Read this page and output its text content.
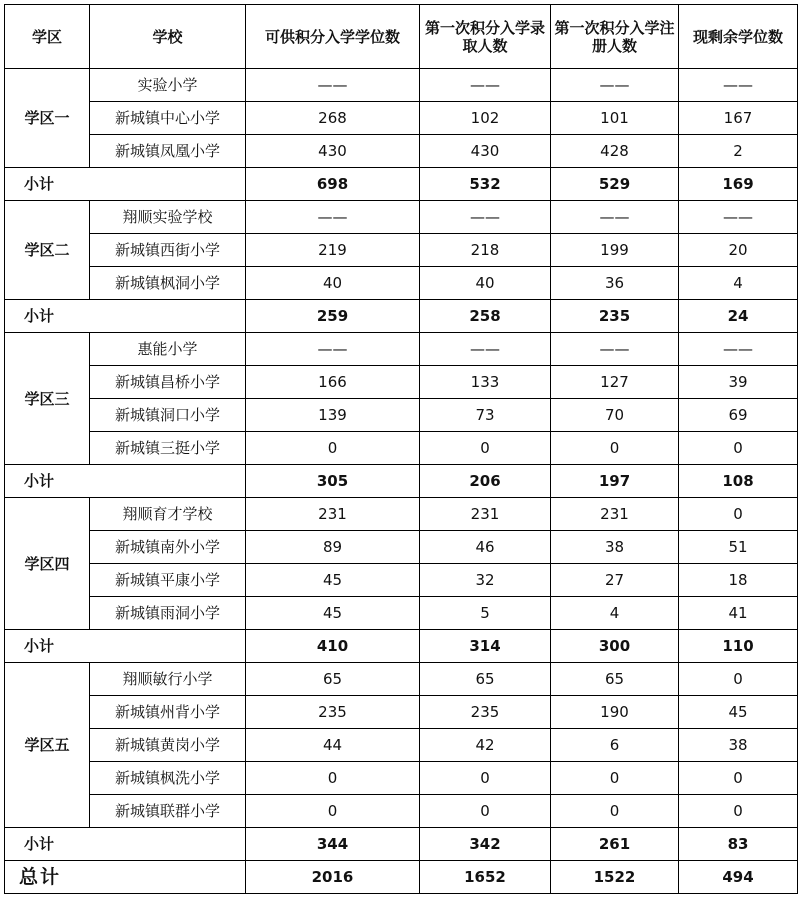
学区	学校	可供积分入学学位数	第一次积分入学录取人数	第一次积分入学注册人数	现剩余学位数
学区一	实验小学	——	——	——	——
	新城镇中心小学	268	102	101	167
	新城镇凤凰小学	430	430	428	2
小计		698	532	529	169
学区二	翔顺实验学校	——	——	——	——
	新城镇西街小学	219	218	199	20
	新城镇枫洞小学	40	40	36	4
小计		259	258	235	24
学区三	惠能小学	——	——	——	——
	新城镇昌桥小学	166	133	127	39
	新城镇洞口小学	139	73	70	69
	新城镇三挺小学	0	0	0	0
小计		305	206	197	108
学区四	翔顺育才学校	231	231	231	0
	新城镇南外小学	89	46	38	51
	新城镇平康小学	45	32	27	18
	新城镇雨洞小学	45	5	4	41
小计		410	314	300	110
学区五	翔顺敏行小学	65	65	65	0
	新城镇州背小学	235	235	190	45
	新城镇黄岗小学	44	42	6	38
	新城镇枫洗小学	0	0	0	0
	新城镇联群小学	0	0	0	0
小计		344	342	261	83
总计		2016	1652	1522	494
